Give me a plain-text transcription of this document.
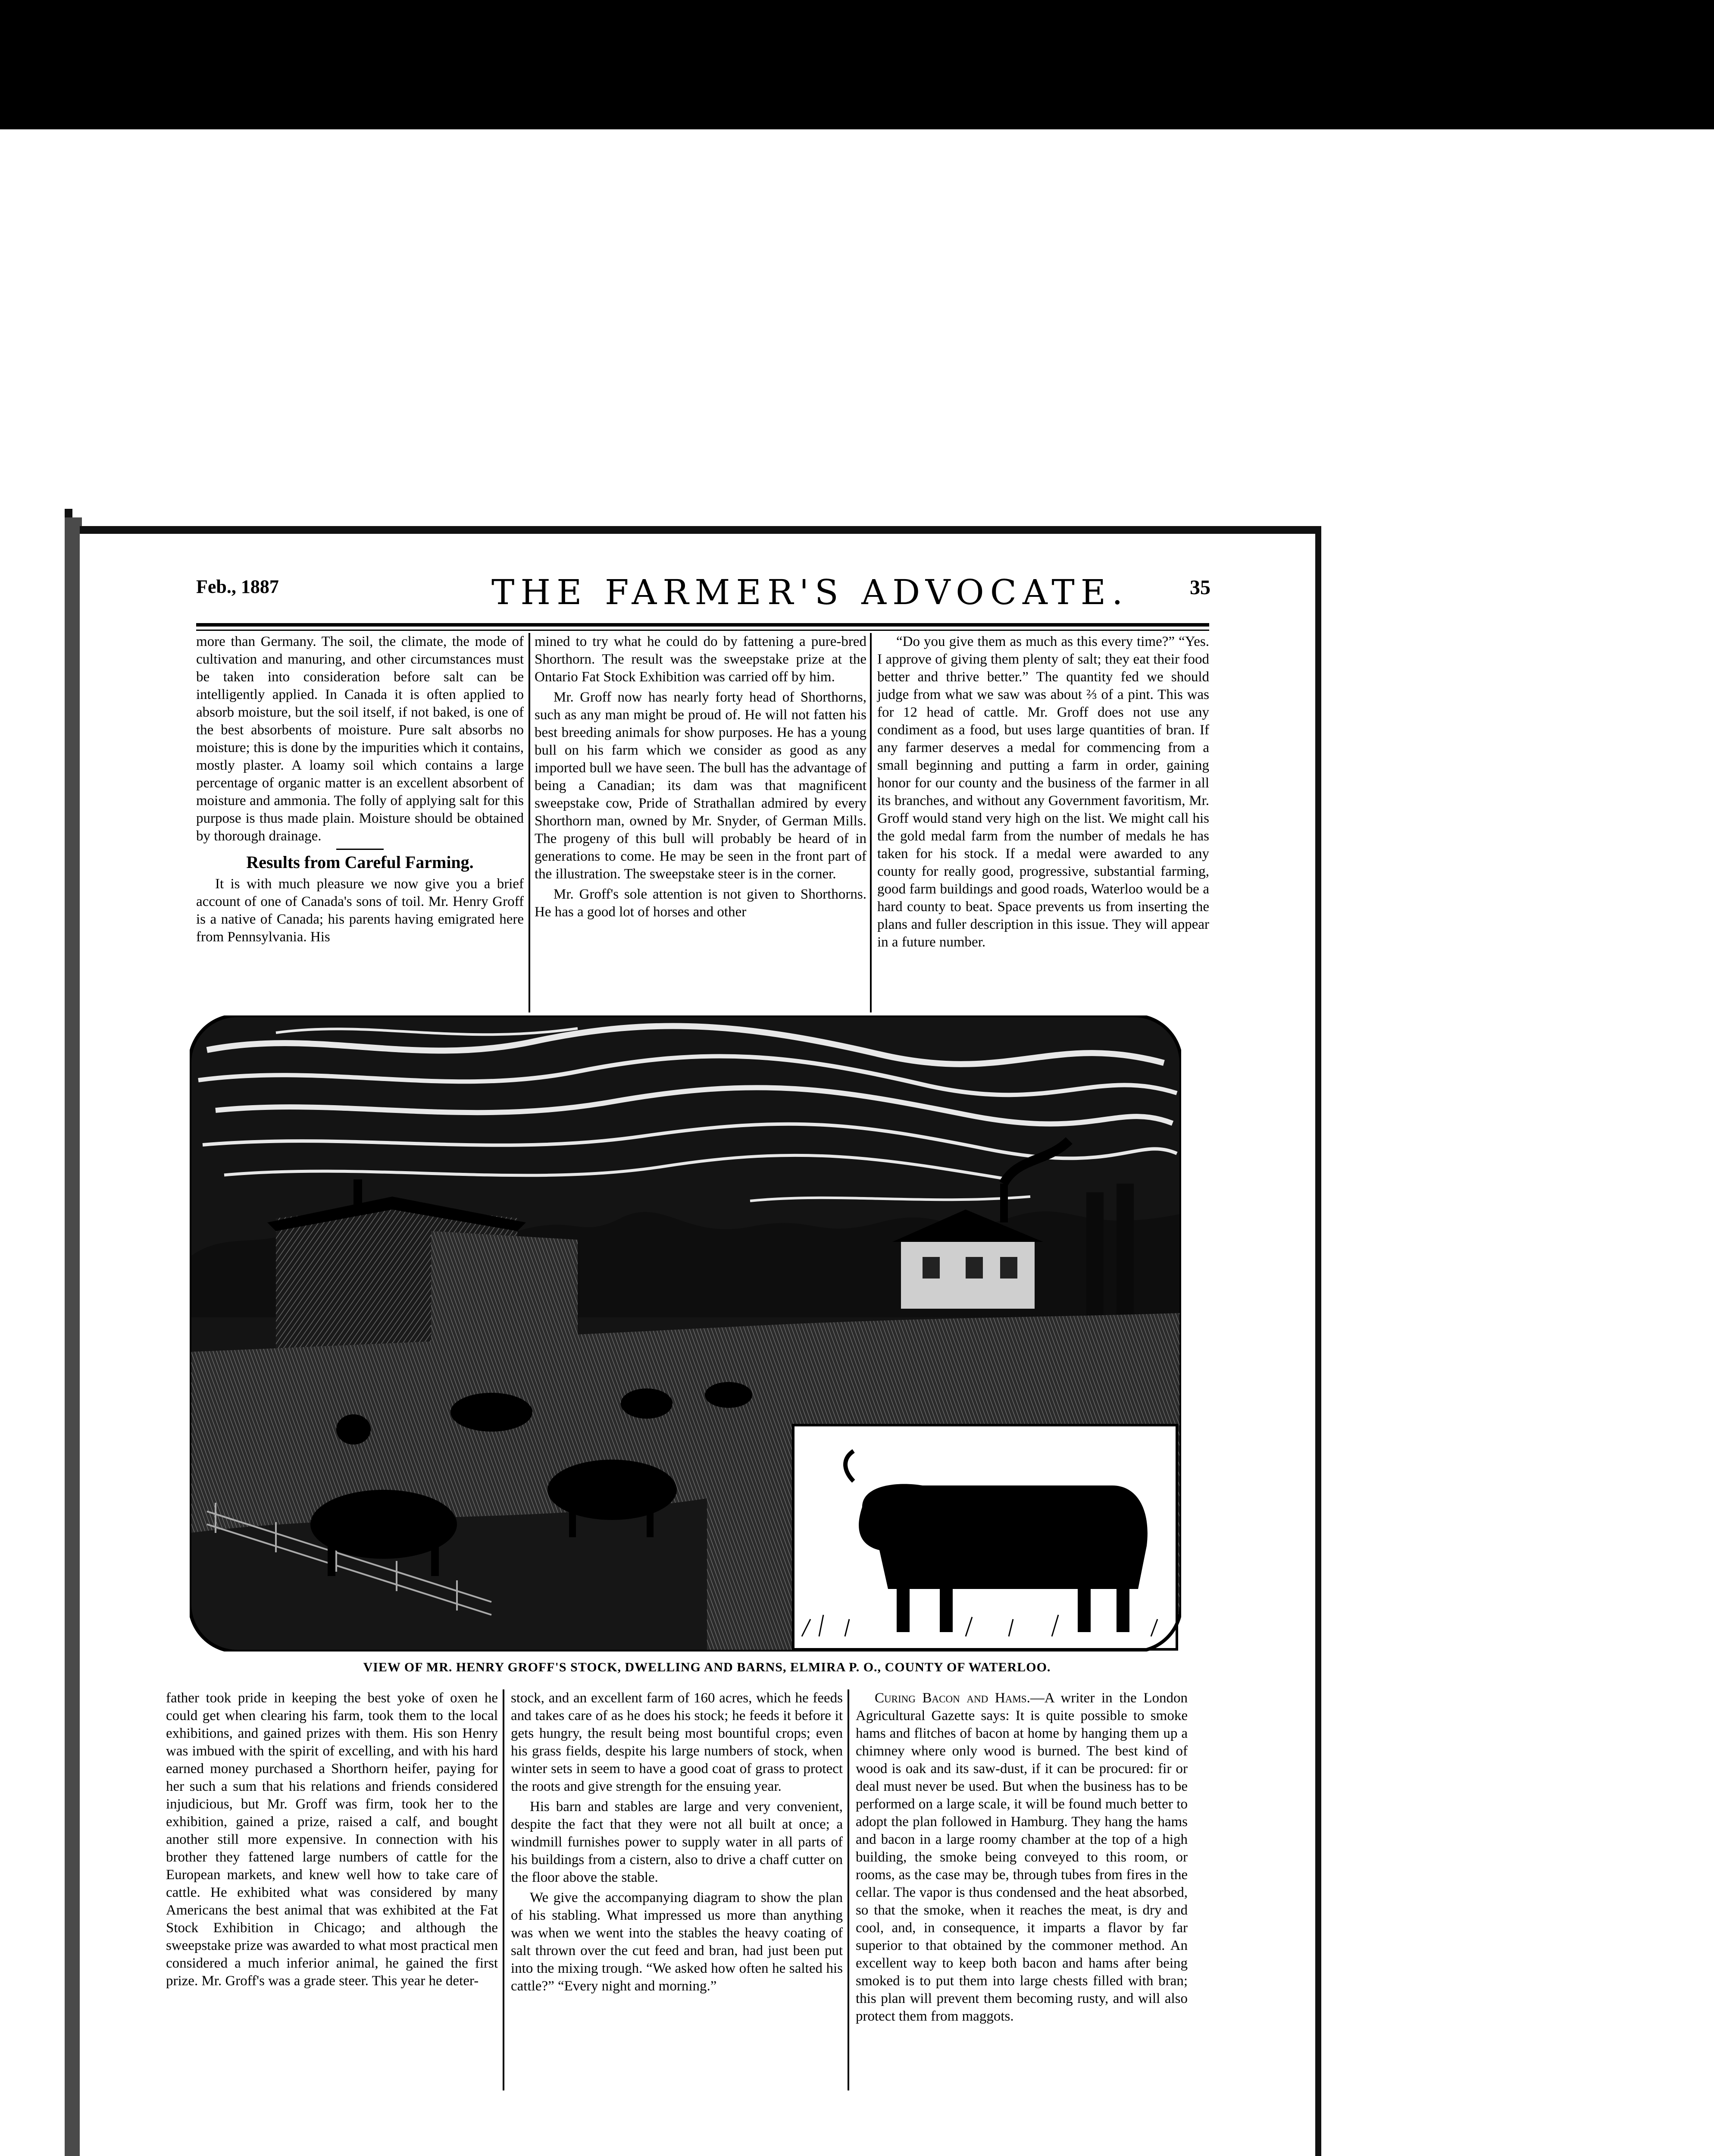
Feb., 1887	THE FARMER'S ADVOCATE.	35

more than Germany. The soil, the climate, the mode of cultivation and manuring, and other circumstances must be taken into consideration before salt can be intelligently applied. In Canada it is often applied to absorb moisture, but the soil itself, if not baked, is one of the best absorbents of moisture. Pure salt absorbs no moisture; this is done by the impurities which it contains, mostly plaster. A loamy soil which contains a large percentage of organic matter is an excellent absorbent of moisture and ammonia. The folly of applying salt for this purpose is thus made plain. Moisture should be obtained by thorough drainage.

Results from Careful Farming.

It is with much pleasure we now give you a brief account of one of Canada's sons of toil. Mr. Henry Groff is a native of Canada; his parents having emigrated here from Pennsylvania. His

mined to try what he could do by fattening a pure-bred Shorthorn. The result was the sweepstake prize at the Ontario Fat Stock Exhibition was carried off by him.

Mr. Groff now has nearly forty head of Shorthorns, such as any man might be proud of. He will not fatten his best breeding animals for show purposes. He has a young bull on his farm which we consider as good as any imported bull we have seen. The bull has the advantage of being a Canadian; its dam was that magnificent sweepstake cow, Pride of Strathallan admired by every Shorthorn man, owned by Mr. Snyder, of German Mills. The progeny of this bull will probably be heard of in generations to come. He may be seen in the front part of the illustration. The sweepstake steer is in the corner.

Mr. Groff's sole attention is not given to Shorthorns. He has a good lot of horses and other

“Do you give them as much as this every time?” “Yes. I approve of giving them plenty of salt; they eat their food better and thrive better.” The quantity fed we should judge from what we saw was about ⅔ of a pint. This was for 12 head of cattle. Mr. Groff does not use any condiment as a food, but uses large quantities of bran. If any farmer deserves a medal for commencing from a small beginning and putting a farm in order, gaining honor for our county and the business of the farmer in all its branches, and without any Government favoritism, Mr. Groff would stand very high on the list. We might call his the gold medal farm from the number of medals he has taken for his stock. If a medal were awarded to any county for really good, progressive, substantial farming, good farm buildings and good roads, Waterloo would be a hard county to beat. Space prevents us from inserting the plans and fuller description in this issue. They will appear in a future number.

VIEW OF MR. HENRY GROFF'S STOCK, DWELLING AND BARNS, ELMIRA P. O., COUNTY OF WATERLOO.

father took pride in keeping the best yoke of oxen he could get when clearing his farm, took them to the local exhibitions, and gained prizes with them. His son Henry was imbued with the spirit of excelling, and with his hard earned money purchased a Shorthorn heifer, paying for her such a sum that his relations and friends considered injudicious, but Mr. Groff was firm, took her to the exhibition, gained a prize, raised a calf, and bought another still more expensive. In connection with his brother they fattened large numbers of cattle for the European markets, and knew well how to take care of cattle. He exhibited what was considered by many Americans the best animal that was exhibited at the Fat Stock Exhibition in Chicago; and although the sweepstake prize was awarded to what most practical men considered a much inferior animal, he gained the first prize. Mr. Groff's was a grade steer. This year he deter-

stock, and an excellent farm of 160 acres, which he feeds and takes care of as he does his stock; he feeds it before it gets hungry, the result being most bountiful crops; even his grass fields, despite his large numbers of stock, when winter sets in seem to have a good coat of grass to protect the roots and give strength for the ensuing year.

His barn and stables are large and very convenient, despite the fact that they were not all built at once; a windmill furnishes power to supply water in all parts of his buildings from a cistern, also to drive a chaff cutter on the floor above the stable.

We give the accompanying diagram to show the plan of his stabling. What impressed us more than anything was when we went into the stables the heavy coating of salt thrown over the cut feed and bran, had just been put into the mixing trough. “We asked how often he salted his cattle?” “Every night and morning.”

Curing Bacon and Hams.—A writer in the London Agricultural Gazette says: It is quite possible to smoke hams and flitches of bacon at home by hanging them up a chimney where only wood is burned. The best kind of wood is oak and its saw-dust, if it can be procured: fir or deal must never be used. But when the business has to be performed on a large scale, it will be found much better to adopt the plan followed in Hamburg. They hang the hams and bacon in a large roomy chamber at the top of a high building, the smoke being conveyed to this room, or rooms, as the case may be, through tubes from fires in the cellar. The vapor is thus condensed and the heat absorbed, so that the smoke, when it reaches the meat, is dry and cool, and, in consequence, it imparts a flavor by far superior to that obtained by the commoner method. An excellent way to keep both bacon and hams after being smoked is to put them into large chests filled with bran; this plan will prevent them becoming rusty, and will also protect them from maggots.
